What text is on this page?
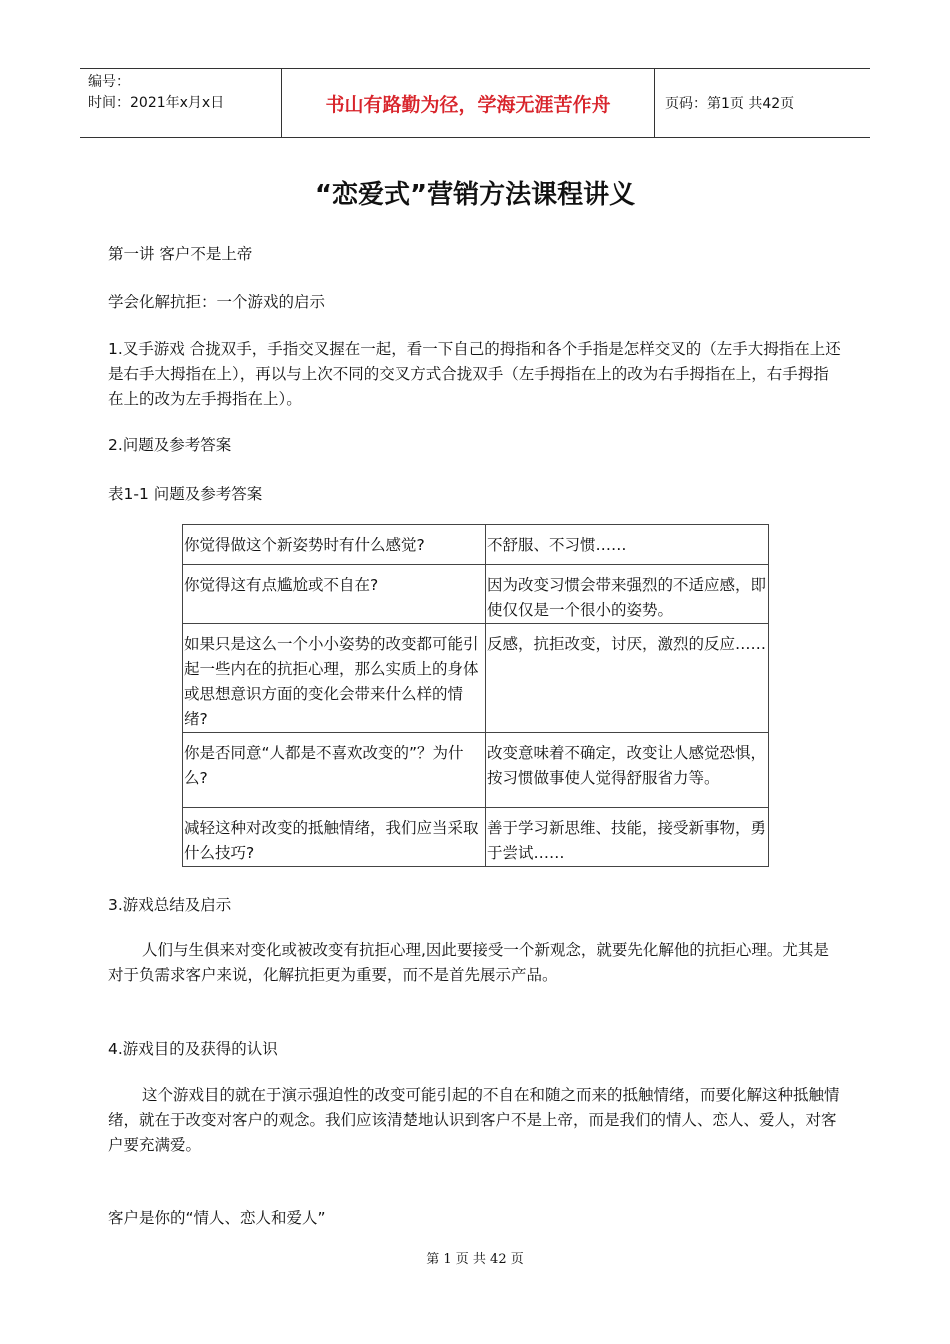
编号：
时间：2021年x月x日	书山有路勤为径，学海无涯苦作舟	页码：第1页 共42页
“恋爱式”营销方法课程讲义
第一讲 客户不是上帝
学会化解抗拒：一个游戏的启示
1.叉手游戏 合拢双手，手指交叉握在一起，看一下自己的拇指和各个手指是怎样交叉的（左手大拇指在上还是右手大拇指在上），再以与上次不同的交叉方式合拢双手（左手拇指在上的改为右手拇指在上，右手拇指在上的改为左手拇指在上）。
2.问题及参考答案
表1-1 问题及参考答案
你觉得做这个新姿势时有什么感觉?	不舒服、不习惯……
你觉得这有点尴尬或不自在?	因为改变习惯会带来强烈的不适应感，即使仅仅是一个很小的姿势。
如果只是这么一个小小姿势的改变都可能引起一些内在的抗拒心理，那么实质上的身体或思想意识方面的变化会带来什么样的情绪?	反感，抗拒改变，讨厌，激烈的反应……
你是否同意“人都是不喜欢改变的”？为什么?	改变意味着不确定，改变让人感觉恐惧，按习惯做事使人觉得舒服省力等。
减轻这种对改变的抵触情绪，我们应当采取什么技巧?	善于学习新思维、技能，接受新事物，勇于尝试……
3.游戏总结及启示
人们与生俱来对变化或被改变有抗拒心理,因此要接受一个新观念，就要先化解他的抗拒心理。尤其是对于负需求客户来说，化解抗拒更为重要，而不是首先展示产品。
4.游戏目的及获得的认识
这个游戏目的就在于演示强迫性的改变可能引起的不自在和随之而来的抵触情绪，而要化解这种抵触情绪，就在于改变对客户的观念。我们应该清楚地认识到客户不是上帝，而是我们的情人、恋人、爱人，对客户要充满爱。
客户是你的“情人、恋人和爱人”
第 1 页 共 42 页
